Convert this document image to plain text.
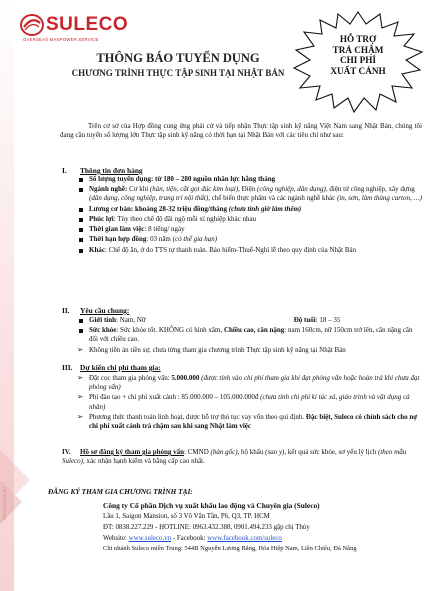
www.suleco.vn
SULECO
OVERSEAS MANPOWER SERVICE
THÔNG BÁO TUYỂN DỤNG
CHƯƠNG TRÌNH THỰC TẬP SINH TẠI NHẬT BẢN
HỖ TRỢ
TRẢ CHẬM
CHI PHÍ
XUẤT CẢNH

Trên cơ sở của Hợp đồng cung ứng phái cử và tiếp nhận Thực tập sinh kỹ năng Việt Nam sang Nhật Bản, chúng tôi đang cần tuyển số lượng lớn Thực tập sinh kỹ năng có thời hạn tại Nhật Bản với các tiêu chí như sau:

I. Thông tin đơn hàng
Số lượng tuyển dụng: từ 180 – 280 nguồn nhân lực hằng tháng
Ngành nghề: Cơ khí (hàn, tiện, cắt gọt đúc kim loại), Điện (công nghiệp, dân dụng), điện tử công nghiệp, xây dựng (dân dụng, công nghiệp, trang trí nội thất), chế biến thực phẩm và các ngành nghề khác (in, sơn, làm thùng carton, …)
Lương cơ bản: khoảng 28-32 triệu đồng/tháng (chưa tính giờ làm thêm)
Phúc lợi: Tùy theo chế độ đãi ngộ mỗi xí nghiệp khác nhau
Thời gian làm việc: 8 tiếng/ ngày
Thời hạn hợp đồng: 03 năm (có thể gia hạn)
Khác: Chế độ ăn, ở do TTS tự thanh toán. Bảo hiểm-Thuế-Nghỉ lễ theo quy định của Nhật Bản
II. Yêu cầu chung:
Giới tính: Nam, Nữ	Độ tuổi: 18 – 35
Sức khỏe: Sức khỏe tốt. KHÔNG có hình xăm, Chiều cao, cân nặng: nam 160cm, nữ 150cm trở lên, cân nặng cân đối với chiều cao.
➢ Không tiền án tiền sự, chưa từng tham gia chương trình Thực tập sinh kỹ năng tại Nhật Bản
III. Dự kiến chi phí tham gia:
➢ Đặt cọc tham gia phỏng vấn: 5.000.000 (được tính vào chi phí tham gia khi đạt phỏng vấn hoặc hoàn trả khi chưa đạt phỏng vấn)
➢ Phí đào tạo + chi phí xuất cảnh : 85.000.000 – 105.000.000đ (chưa tính chi phí kí túc xá, giáo trình và vật dụng cá nhân)
➢ Phương thức thanh toán linh hoạt, được hỗ trợ thủ tục vay vốn theo qui định. Đặc biệt, Suleco có chính sách cho nợ chi phí xuất cảnh trả chậm sau khi sang Nhật làm việc
IV. Hồ sơ đăng ký tham gia phỏng vấn: CMND (bản gốc), hộ khẩu (sao y), kết quả sức khỏe, sơ yếu lý lịch (theo mẫu Suleco), xác nhận hạnh kiểm và bằng cấp cao nhất.
ĐĂNG KÝ THAM GIA CHƯƠNG TRÌNH TẠI:
Công ty Cổ phần Dịch vụ xuất khẩu lao động và Chuyên gia (Suleco)
Lầu 1, Saigon Mansion, số 3 Võ Văn Tần, P6, Q3, TP. HCM
ĐT: 0838.227.229 - HOTLINE: 0963.432.388, 0901.494.233 gặp chị Thủy
Website: www.suleco.vn - Facebook: www.facebook.com/suleco
Chi nhánh Suleco miền Trung: 544B Nguyễn Lương Bằng, Hòa Hiệp Nam, Liên Chiểu, Đà Nẵng
